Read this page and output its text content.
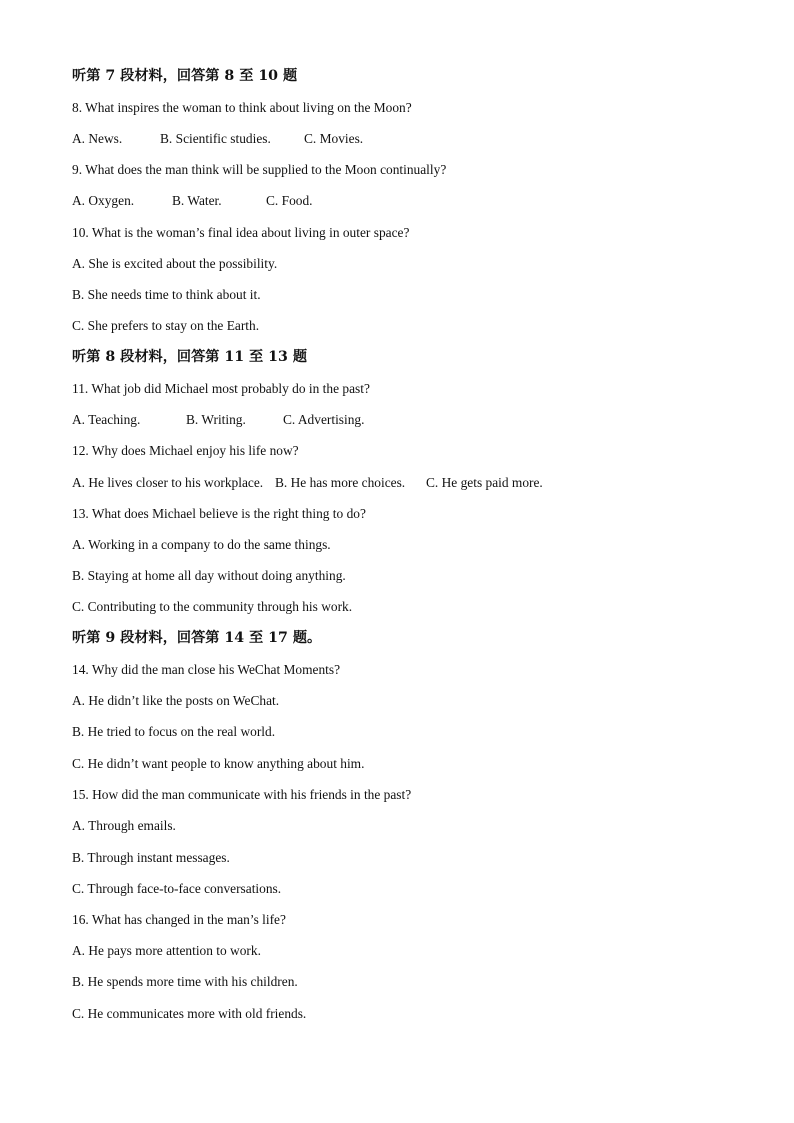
听第 7 段材料，回答第 8 至 10 题
8. What inspires the woman to think about living on the Moon?

A. News.

	B. Scientific studies.

C. Movies.

9. What does the man think will be supplied to the Moon continually?

A. Oxygen.

	B. Water.

	C. Food.

10. What is the woman’s final idea about living in outer space?
A. She is excited about the possibility.
B. She needs time to think about it.
C. She prefers to stay on the Earth.
听第 8 段材料，回答第 11 至 13 题
11. What job did Michael most probably do in the past?

A. Teaching.

	B. Writing.

	C. Advertising.

12. Why does Michael enjoy his life now?

A. He lives closer to his workplace.

B. He has more choices.

C. He gets paid more.

13. What does Michael believe is the right thing to do?
A. Working in a company to do the same things.
B. Staying at home all day without doing anything.
C. Contributing to the community through his work.
听第 9 段材料，回答第 14 至 17 题。
14. Why did the man close his WeChat Moments?
A. He didn’t like the posts on WeChat.
B. He tried to focus on the real world.
C. He didn’t want people to know anything about him.
15. How did the man communicate with his friends in the past?
A. Through emails.
B. Through instant messages.
C. Through face-to-face conversations.
16. What has changed in the man’s life?
A. He pays more attention to work.
B. He spends more time with his children.
C. He communicates more with old friends.
